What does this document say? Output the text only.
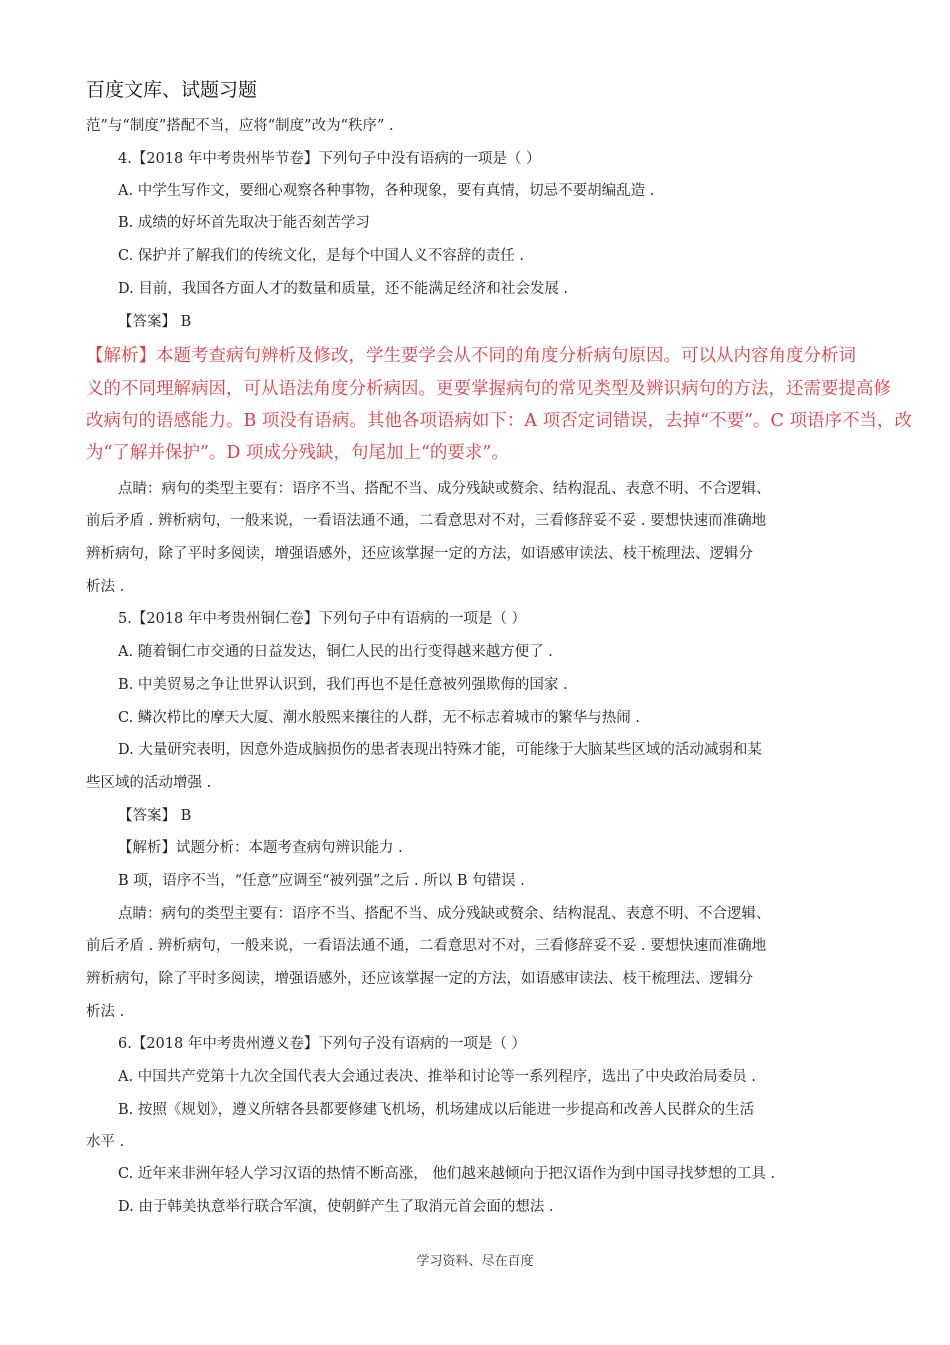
百度文库、试题习题
范”与“制度”搭配不当，应将“制度”改为“秩序” .
4.【2018 年中考贵州毕节卷】下列句子中没有语病的一项是（ ）
A. 中学生写作文，要细心观察各种事物，各种现象，要有真情，切忌不要胡编乱造 .
B. 成绩的好坏首先取决于能否刻苦学习
C. 保护并了解我们的传统文化，是每个中国人义不容辞的责任 .
D. 目前，我国各方面人才的数量和质量，还不能满足经济和社会发展 .
【答案】 B
【解析】本题考查病句辨析及修改，学生要学会从不同的角度分析病句原因。可以从内容角度分析词
义的不同理解病因，可从语法角度分析病因。更要掌握病句的常见类型及辨识病句的方法，还需要提高修
改病句的语感能力。B 项没有语病。其他各项语病如下：A 项否定词错误，去掉“不要”。C 项语序不当，改
为“了解并保护”。D 项成分残缺，句尾加上“的要求”。
点睛：病句的类型主要有：语序不当、搭配不当、成分残缺或赘余、结构混乱、表意不明、不合逻辑、
前后矛盾 . 辨析病句，一般来说，一看语法通不通，二看意思对不对，三看修辞妥不妥 . 要想快速而准确地
辨析病句，除了平时多阅读，增强语感外，还应该掌握一定的方法，如语感审读法、枝干梳理法、逻辑分
析法 .
5.【2018 年中考贵州铜仁卷】下列句子中有语病的一项是（ ）
A. 随着铜仁市交通的日益发达，铜仁人民的出行变得越来越方便了 .
B. 中美贸易之争让世界认识到，我们再也不是任意被列强欺侮的国家 .
C. 鳞次栉比的摩天大厦、潮水般熙来攘往的人群，无不标志着城市的繁华与热闹 .
D. 大量研究表明，因意外造成脑损伤的患者表现出特殊才能，可能缘于大脑某些区域的活动减弱和某
些区域的活动增强 .
【答案】 B
【解析】试题分析：本题考查病句辨识能力 .
B 项，语序不当，“任意”应调至“被列强”之后 . 所以 B 句错误 .
点睛：病句的类型主要有：语序不当、搭配不当、成分残缺或赘余、结构混乱、表意不明、不合逻辑、
前后矛盾 . 辨析病句，一般来说，一看语法通不通，二看意思对不对，三看修辞妥不妥 . 要想快速而准确地
辨析病句，除了平时多阅读，增强语感外，还应该掌握一定的方法，如语感审读法、枝干梳理法、逻辑分
析法 .
6.【2018 年中考贵州遵义卷】下列句子没有语病的一项是（ ）
A. 中国共产党第十九次全国代表大会通过表决、推举和讨论等一系列程序，选出了中央政治局委员 .
B. 按照《规划》，遵义所辖各县都要修建飞机场，机场建成以后能进一步提高和改善人民群众的生活
水平 .
C. 近年来非洲年轻人学习汉语的热情不断高涨， 他们越来越倾向于把汉语作为到中国寻找梦想的工具 .
D. 由于韩美执意举行联合军演，使朝鲜产生了取消元首会面的想法 .
学习资料、尽在百度
